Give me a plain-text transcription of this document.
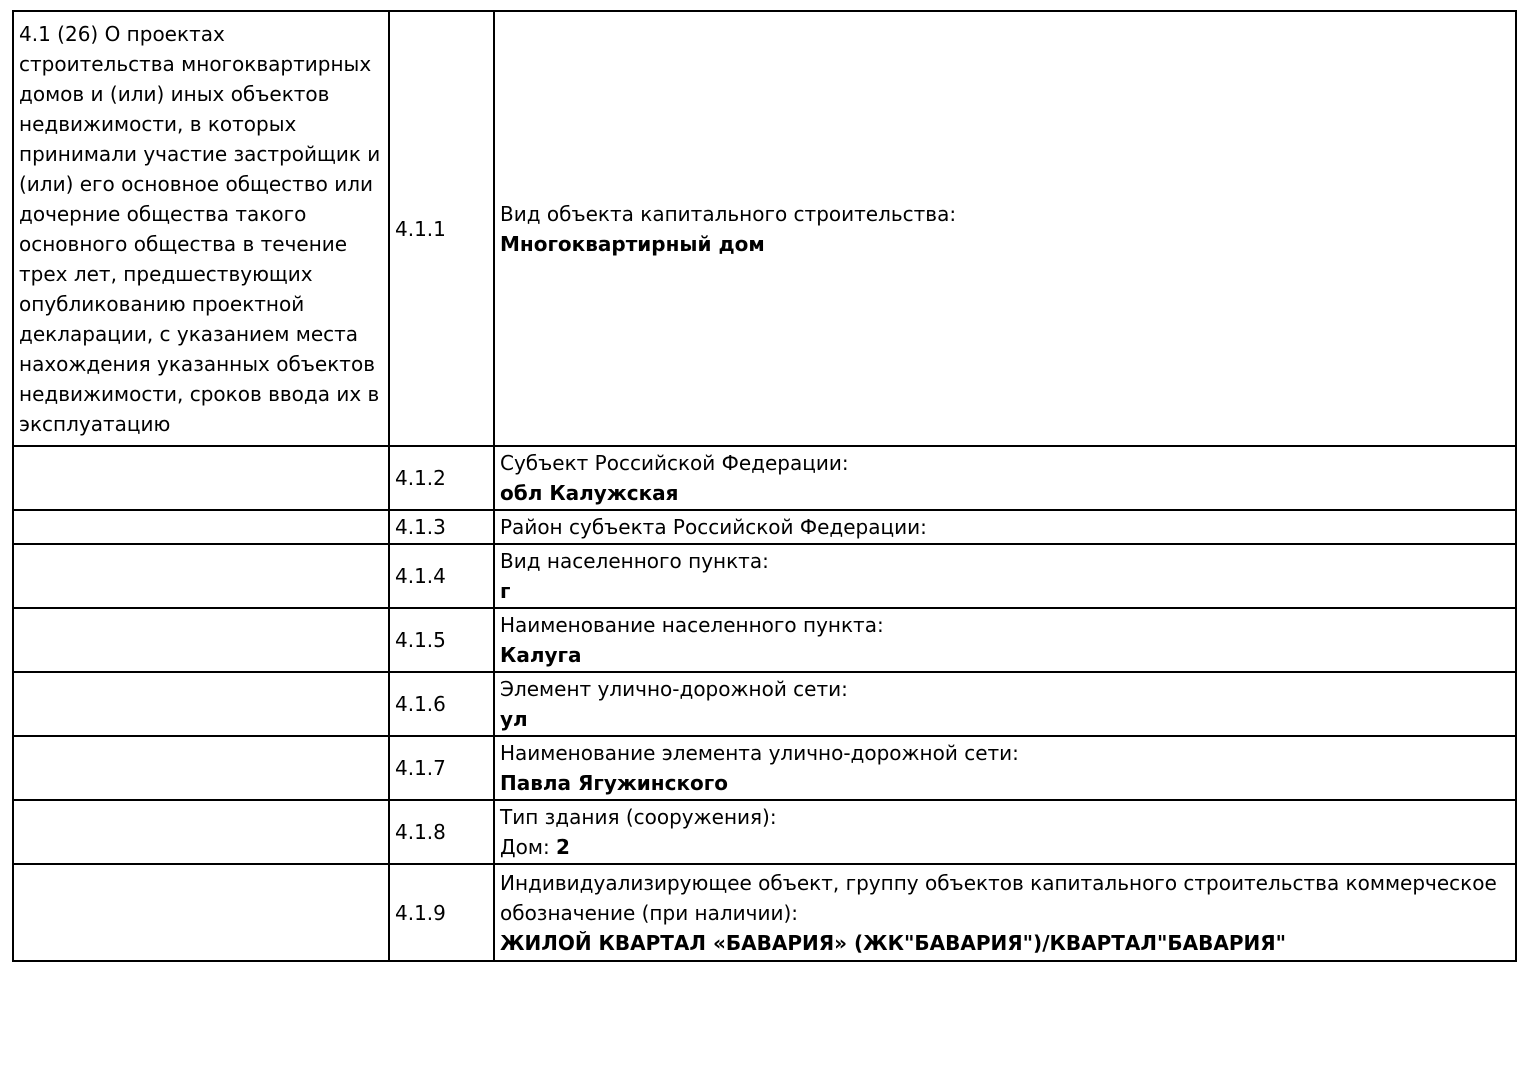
4.1 (26) О проектах строительства многоквартирных домов и (или) иных объектов недвижимости, в которых принимали участие застройщик и (или) его основное общество или дочерние общества такого основного общества в течение трех лет, предшествующих опубликованию проектной декларации, с указанием места нахождения указанных объектов недвижимости, сроков ввода их в эксплуатацию	4.1.1	Вид объекта капитального строительства:
Многоквартирный дом

	4.1.2	Субъект Российской Федерации:
обл Калужская

	4.1.3	Район субъекта Российской Федерации:

	4.1.4	Вид населенного пункта:
г

	4.1.5	Наименование населенного пункта:
Калуга

	4.1.6	Элемент улично-дорожной сети:
ул

	4.1.7	Наименование элемента улично-дорожной сети:
Павла Ягужинского

	4.1.8	Тип здания (сооружения):
Дом: 2

	4.1.9	Индивидуализирующее объект, группу объектов капитального строительства коммерческое обозначение (при наличии):
ЖИЛОЙ КВАРТАЛ «БАВАРИЯ» (ЖК"БАВАРИЯ")/КВАРТАЛ"БАВАРИЯ"
